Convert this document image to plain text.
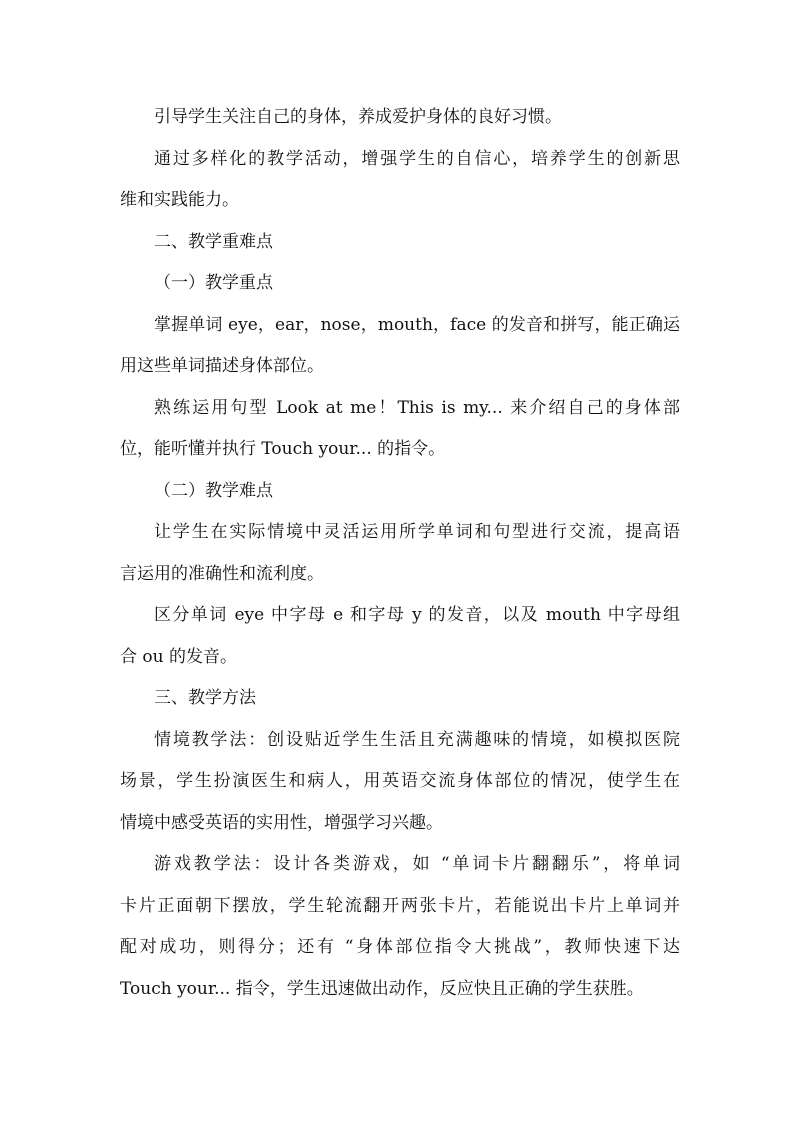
引导学生关注自己的身体，养成爱护身体的良好习惯。
通过多样化的教学活动，增强学生的自信心，培养学生的创新思
维和实践能力。
二、教学重难点
（一）教学重点
掌握单词 eye，ear，nose，mouth，face 的发音和拼写，能正确运
用这些单词描述身体部位。
熟练运用句型 Look at me！This is my... 来介绍自己的身体部
位，能听懂并执行 Touch your... 的指令。
（二）教学难点
让学生在实际情境中灵活运用所学单词和句型进行交流，提高语
言运用的准确性和流利度。
区分单词 eye 中字母 e 和字母 y 的发音，以及 mouth 中字母组
合 ou 的发音。
三、教学方法
情境教学法：创设贴近学生生活且充满趣味的情境，如模拟医院
场景，学生扮演医生和病人，用英语交流身体部位的情况，使学生在
情境中感受英语的实用性，增强学习兴趣。
游戏教学法：设计各类游戏，如 “单词卡片翻翻乐”，将单词
卡片正面朝下摆放，学生轮流翻开两张卡片，若能说出卡片上单词并
配对成功，则得分；还有 “身体部位指令大挑战”，教师快速下达
Touch your... 指令，学生迅速做出动作，反应快且正确的学生获胜。
